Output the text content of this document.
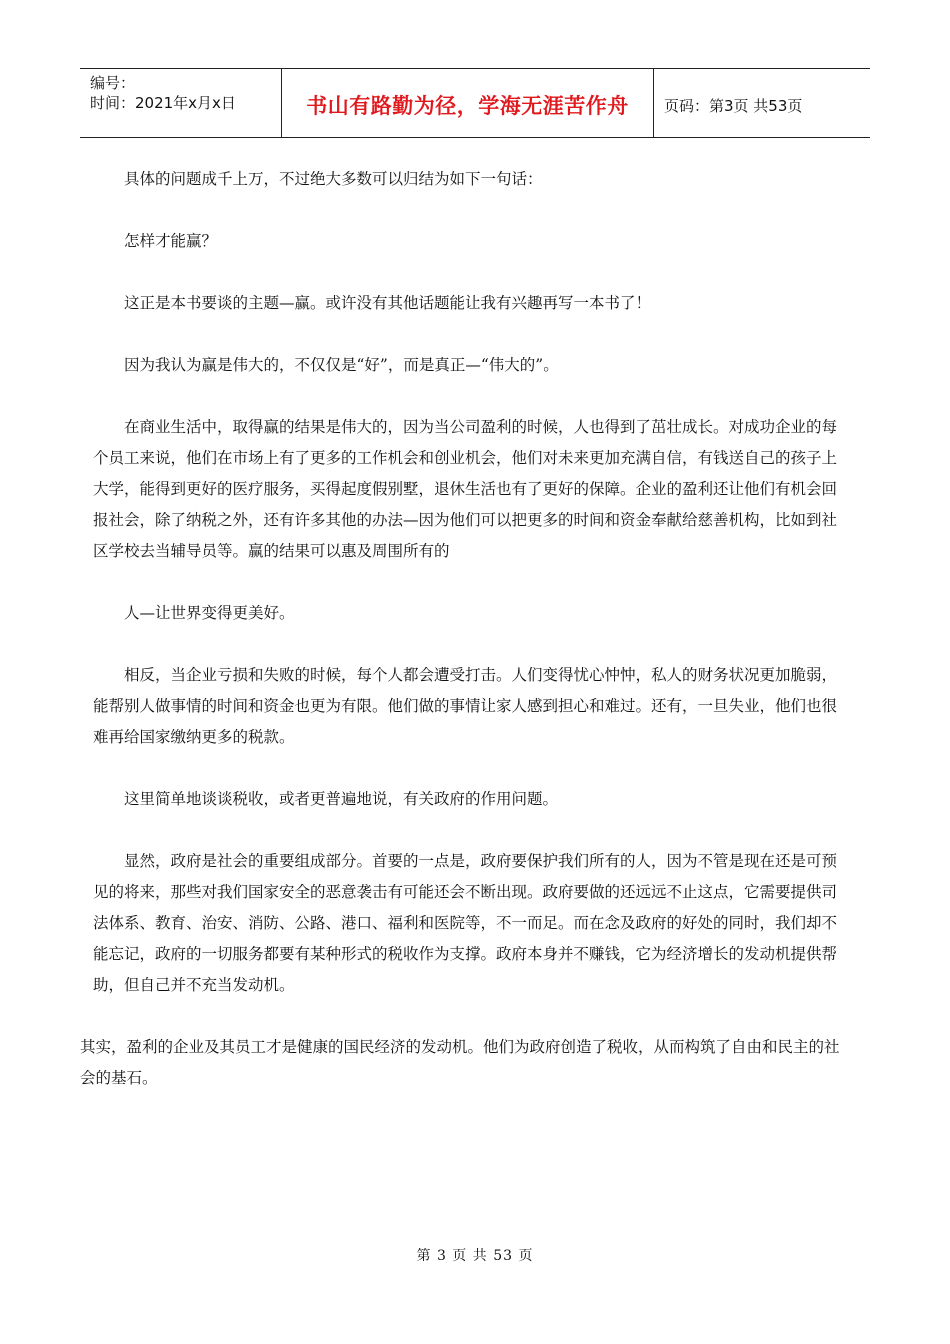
编号：
时间：2021年x月x日	书山有路勤为径，学海无涯苦作舟 页码：第3页 共53页

具体的问题成千上万，不过绝大多数可以归结为如下一句话：

怎样才能赢？

这正是本书要谈的主题—赢。或许没有其他话题能让我有兴趣再写一本书了！

因为我认为赢是伟大的，不仅仅是“好”，而是真正—“伟大的”。

在商业生活中，取得赢的结果是伟大的，因为当公司盈利的时候，人也得到了茁壮成长。对成功企业的每个员工来说，他们在市场上有了更多的工作机会和创业机会，他们对未来更加充满自信，有钱送自己的孩子上大学，能得到更好的医疗服务，买得起度假别墅，退休生活也有了更好的保障。企业的盈利还让他们有机会回报社会，除了纳税之外，还有许多其他的办法—因为他们可以把更多的时间和资金奉献给慈善机构，比如到社区学校去当辅导员等。赢的结果可以惠及周围所有的

人—让世界变得更美好。

相反，当企业亏损和失败的时候，每个人都会遭受打击。人们变得忧心忡忡，私人的财务状况更加脆弱，能帮别人做事情的时间和资金也更为有限。他们做的事情让家人感到担心和难过。还有，一旦失业，他们也很难再给国家缴纳更多的税款。

这里简单地谈谈税收，或者更普遍地说，有关政府的作用问题。

显然，政府是社会的重要组成部分。首要的一点是，政府要保护我们所有的人，因为不管是现在还是可预见的将来，那些对我们国家安全的恶意袭击有可能还会不断出现。政府要做的还远远不止这点，它需要提供司法体系、教育、治安、消防、公路、港口、福利和医院等，不一而足。而在念及政府的好处的同时，我们却不能忘记，政府的一切服务都要有某种形式的税收作为支撑。政府本身并不赚钱，它为经济增长的发动机提供帮助，但自己并不充当发动机。

其实，盈利的企业及其员工才是健康的国民经济的发动机。他们为政府创造了税收，从而构筑了自由和民主的社会的基石。

第 3 页 共 53 页
